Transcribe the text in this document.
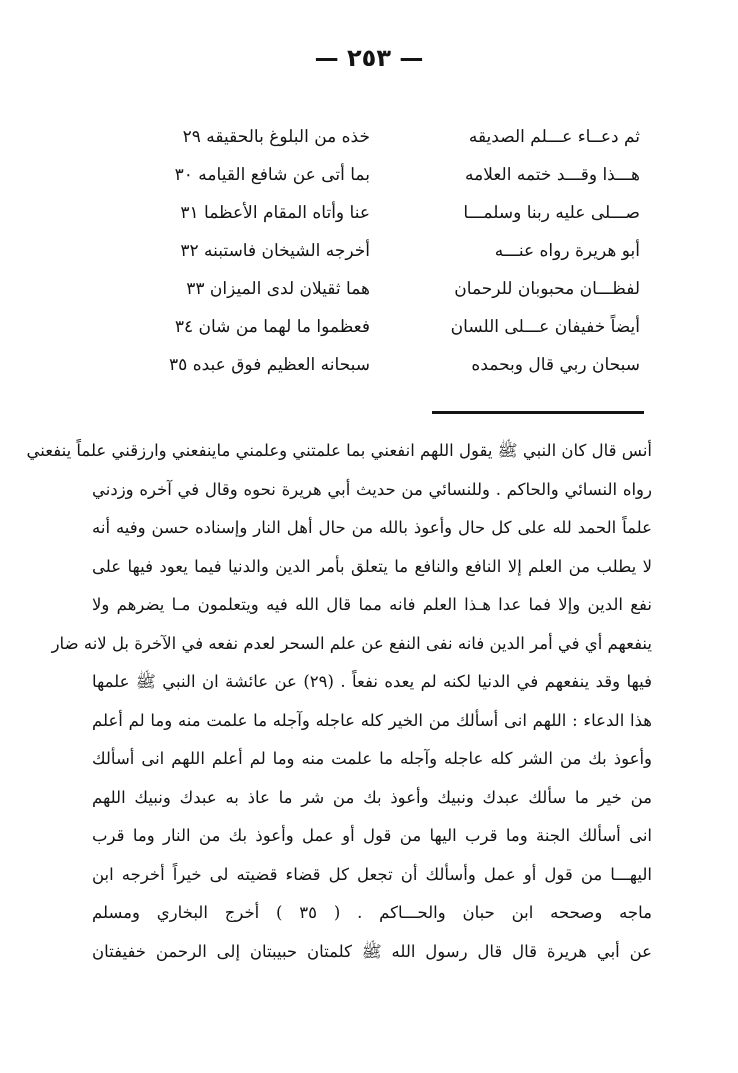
— ٢٥٣ —
ثم دعــاء عـــلم الصديقه
خذه من البلوغ بالحقيقه ٢٩
هـــذا وقـــد ختمه العلامه
بما أتى عن شافع القيامه ٣٠
صـــلى عليه ربنا وسلمـــا
عنا وأتاه المقام الأعظما ٣١
أبو هريرة رواه عنـــه
أخرجه الشيخان فاستبنه ٣٢
لفظـــان محبوبان للرحمان
هما ثقيلان لدى الميزان ٣٣
أيضاً خفيفان عـــلى اللسان
فعظموا ما لهما من شان ٣٤
سبحان ربي قال وبحمده
سبحانه العظيم فوق عبده ٣٥
أنس قال كان النبي ﷺ يقول اللهم انفعني بما علمتني وعلمني ماينفعني وارزقني علماً ينفعني
رواه النسائي والحاكم . وللنسائي من حديث أبي هريرة نحوه وقال في آخره وزدني
علماً الحمد لله على كل حال وأعوذ بالله من حال أهل النار وإسناده حسن وفيه أنه
لا يطلب من العلم إلا النافع والنافع ما يتعلق بأمر الدين والدنيا فيما يعود فيها على
نفع الدين وإلا فما عدا هـذا العلم فانه مما قال الله فيه ويتعلمون مـا يضرهم ولا
ينفعهم أي في أمر الدين فانه نفى النفع عن علم السحر لعدم نفعه في الآخرة بل لانه ضار
فيها وقد ينفعهم في الدنيا لكنه لم يعده نفعاً . (٢٩) عن عائشة ان النبي ﷺ علمها
هذا الدعاء : اللهم انى أسألك من الخير كله عاجله وآجله ما علمت منه وما لم أعلم
وأعوذ بك من الشر كله عاجله وآجله ما علمت منه وما لم أعلم اللهم انى أسألك
من خير ما سألك عبدك ونبيك وأعوذ بك من شر ما عاذ به عبدك ونبيك اللهم
انى أسألك الجنة وما قرب اليها من قول أو عمل وأعوذ بك من النار وما قرب
اليهـــا من قول أو عمل وأسألك أن تجعل كل قضاء قضيته لى خيراً أخرجه ابن
ماجه وصححه ابن حبان والحـــاكم . ( ٣٥ ) أخرج البخاري ومسلم
عن أبي هريرة قال قال رسول الله ﷺ كلمتان حبيبتان إلى الرحمن خفيفتان
